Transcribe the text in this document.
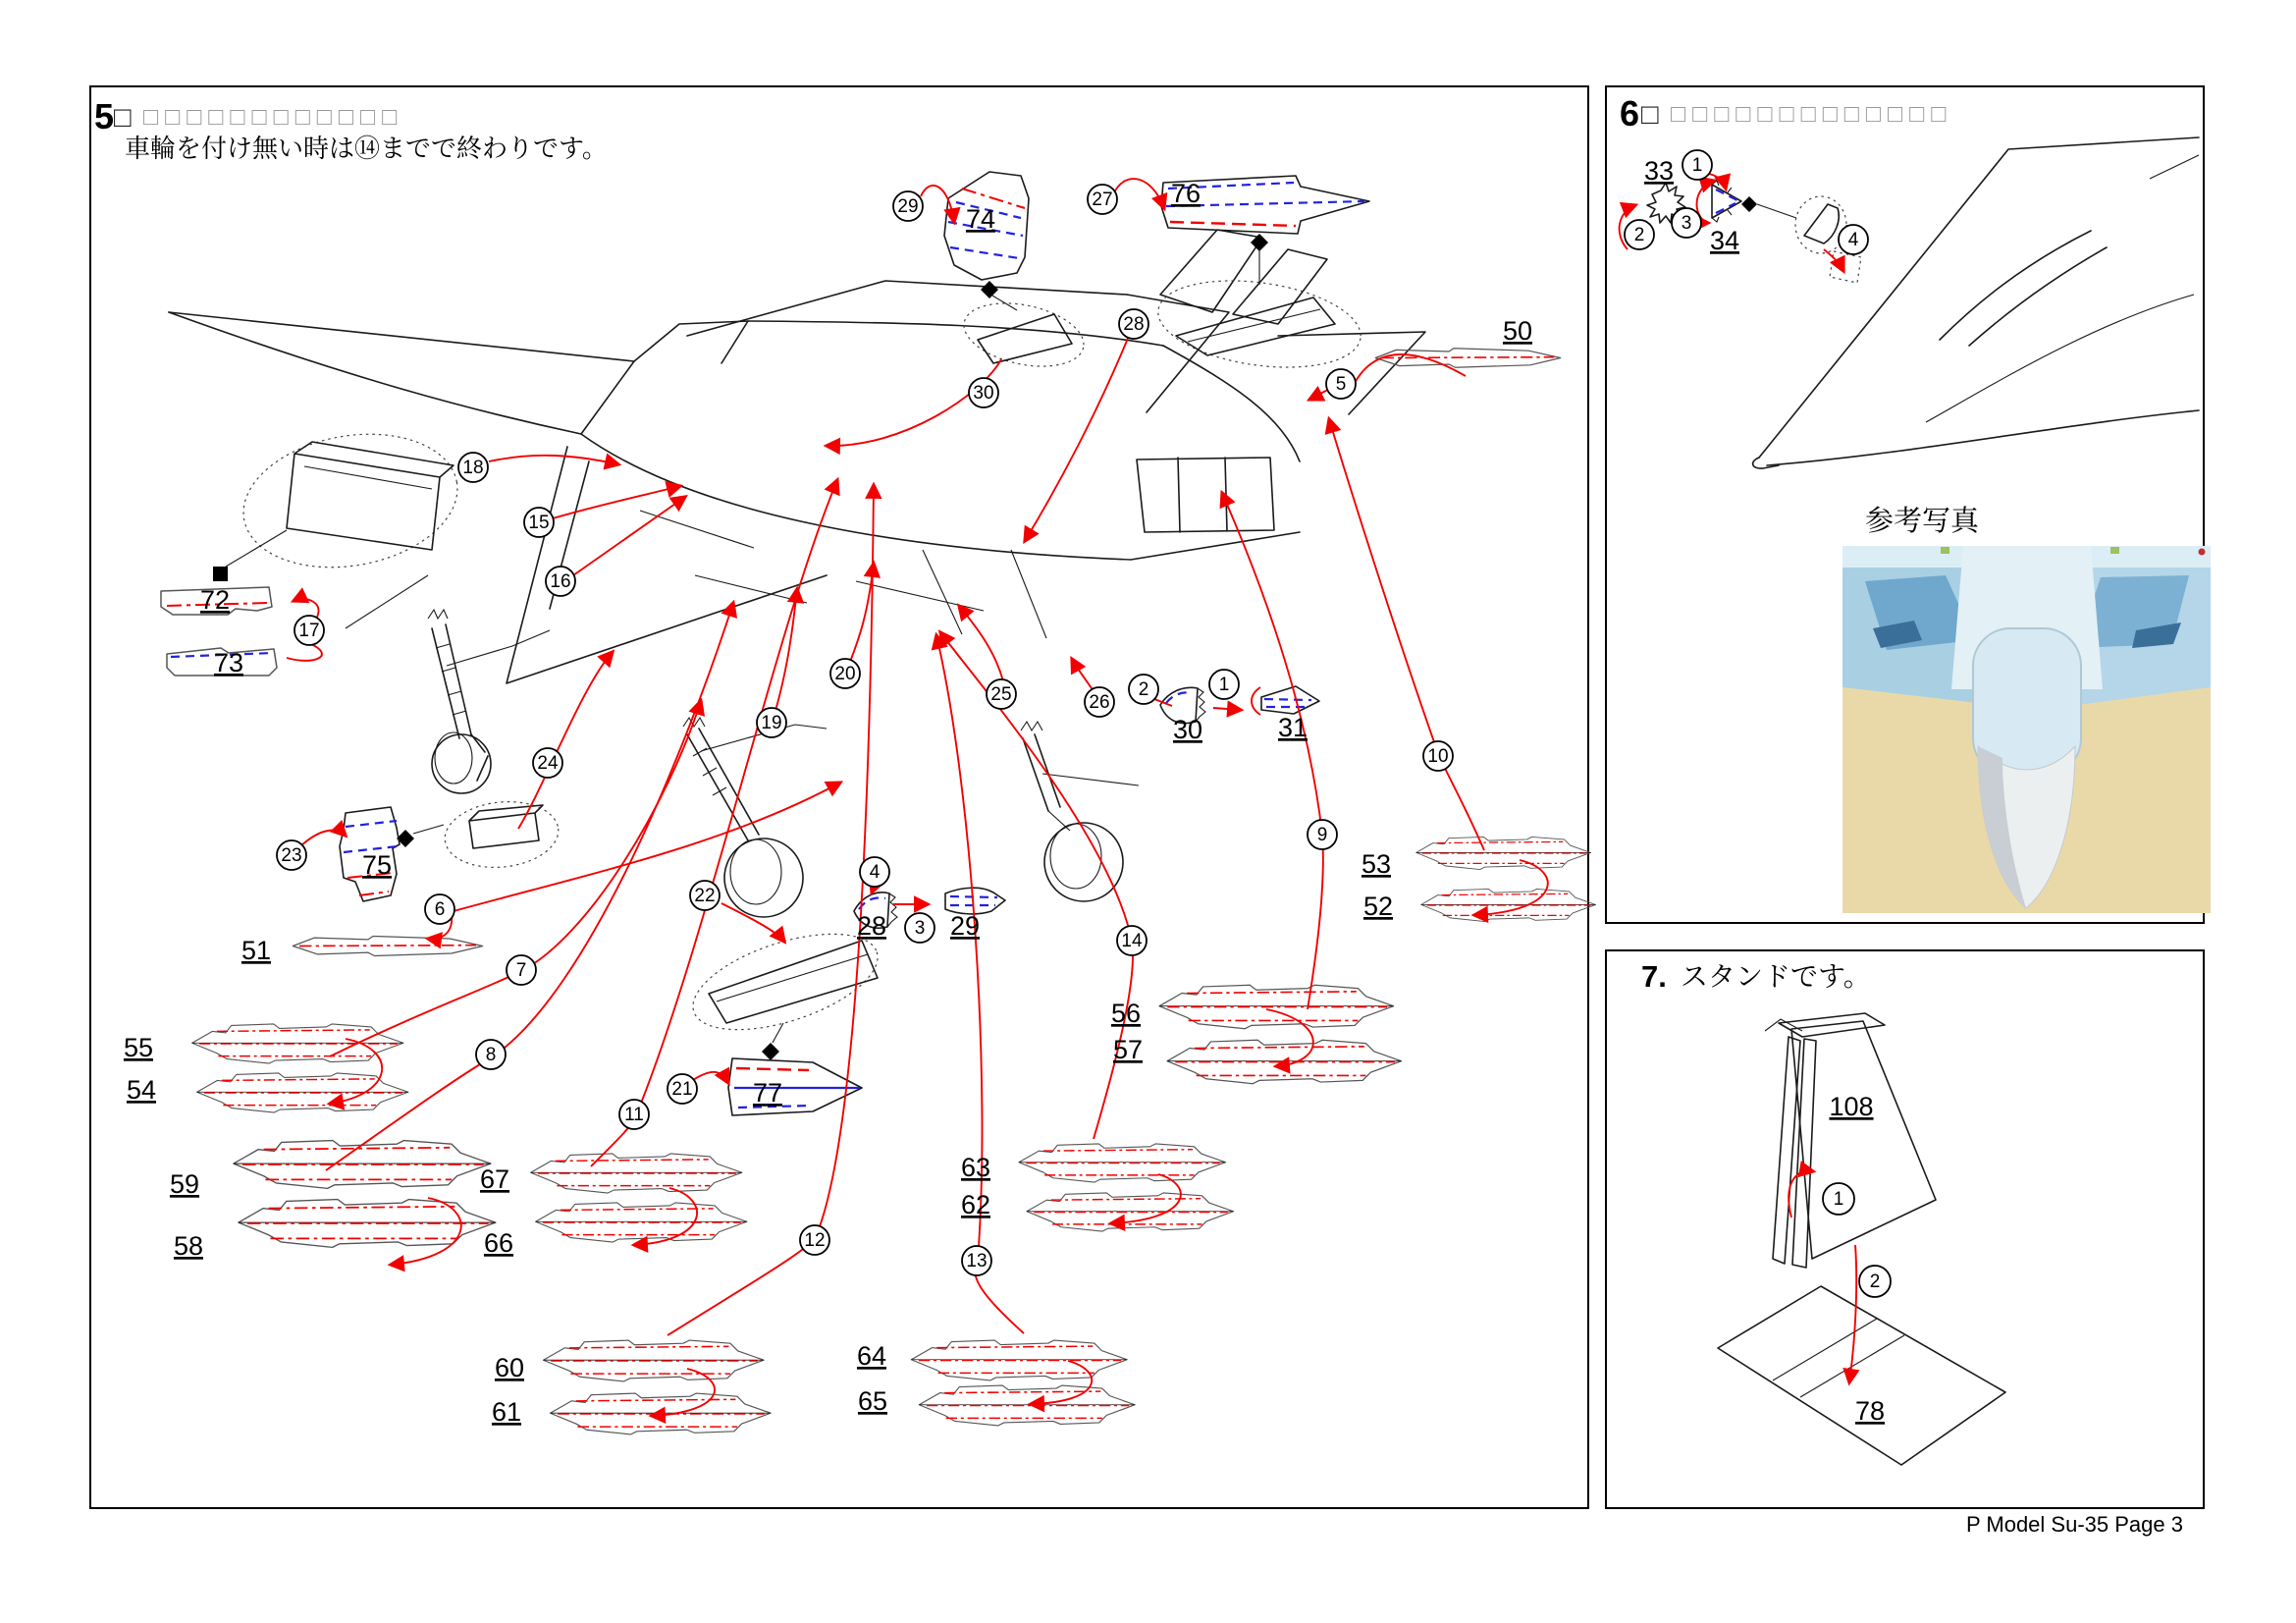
5 □ □□□□□□□□□□□□
車輪を付け無い時は⑭までで終わりです。
74
76
50
72
73
75
51
55
54
59
58
67
66
60
61
64
65
63
62
56
57
53
52
77
28 29
30	31
29	27
28
30	5
18
15
16
17
23
6
24
22
4
3
19
20
25	26
2	1
21
11
7
8
12
13
14
9
10
6 □ □□□□□□□□□□□□□
33
34
1
2
3
4
参考写真
7. スタンドです。
108
78
1
2
P Model Su-35 Page 3
